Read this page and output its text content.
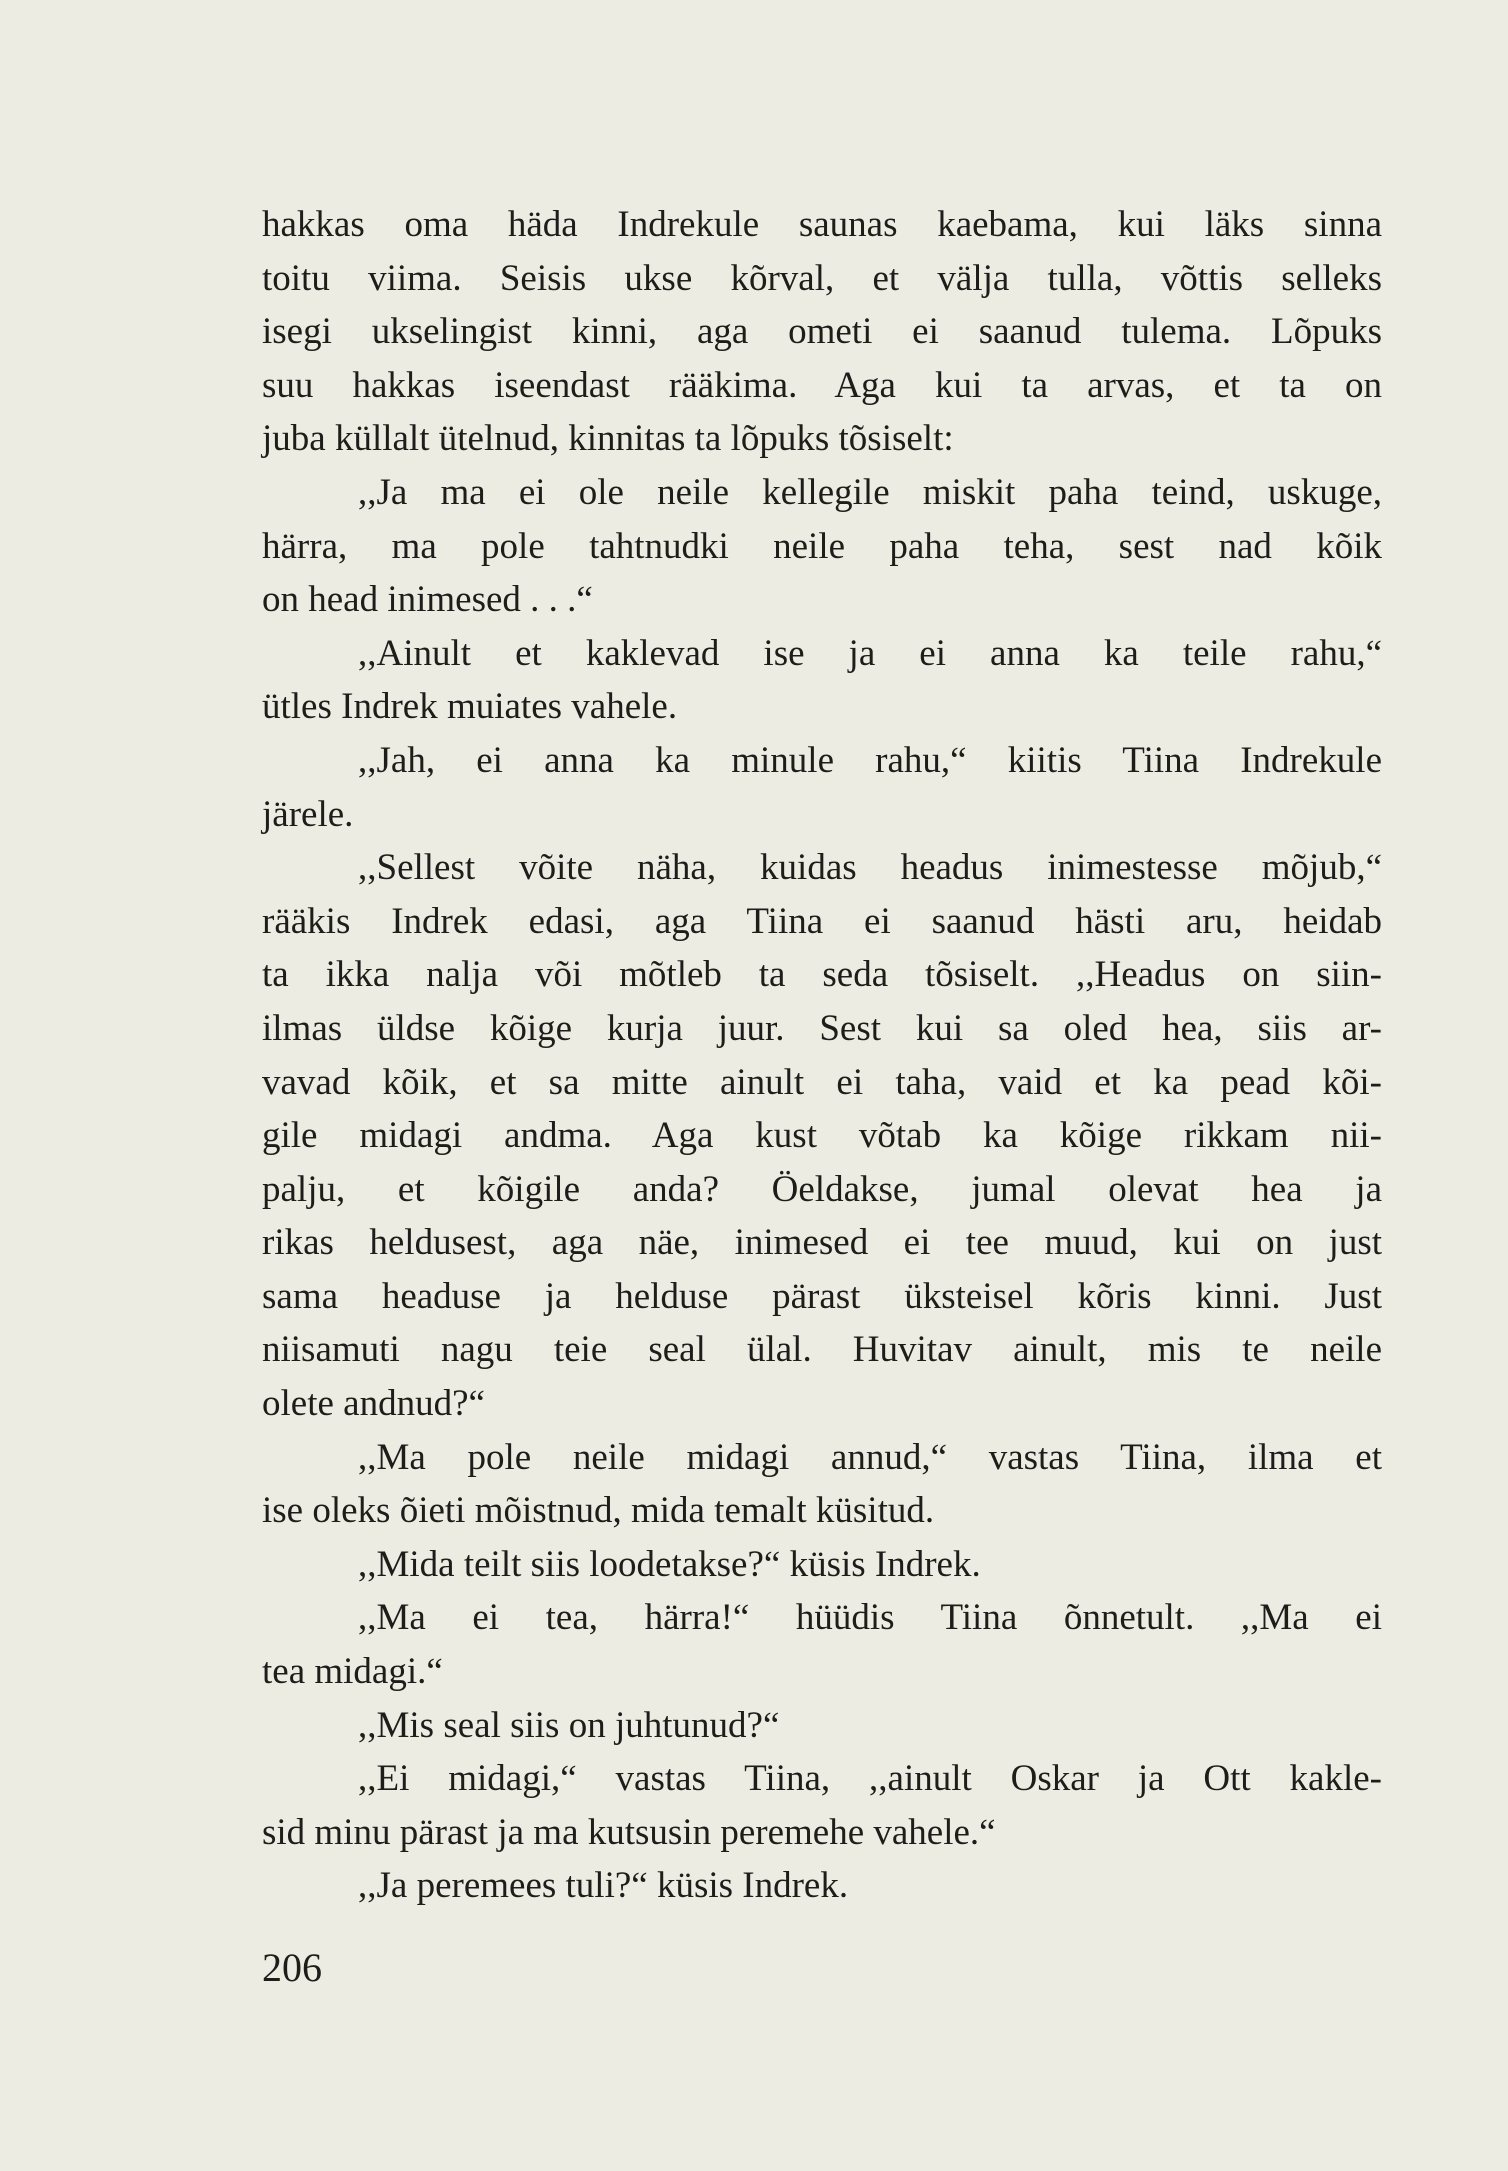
hakkas oma häda Indrekule saunas kaebama, kui läks sinna
toitu viima. Seisis ukse kõrval, et välja tulla, võttis selleks
isegi ukselingist kinni, aga ometi ei saanud tulema. Lõpuks
suu hakkas iseendast rääkima. Aga kui ta arvas, et ta on
juba küllalt ütelnud, kinnitas ta lõpuks tõsiselt:
,,Ja ma ei ole neile kellegile miskit paha teind, uskuge,
härra, ma pole tahtnudki neile paha teha, sest nad kõik
on head inimesed . . .“
,,Ainult et kaklevad ise ja ei anna ka teile rahu,“
ütles Indrek muiates vahele.
,,Jah, ei anna ka minule rahu,“ kiitis Tiina Indrekule
järele.
,,Sellest võite näha, kuidas headus inimestesse mõjub,“
rääkis Indrek edasi, aga Tiina ei saanud hästi aru, heidab
ta ikka nalja või mõtleb ta seda tõsiselt. ,,Headus on siin-
ilmas üldse kõige kurja juur. Sest kui sa oled hea, siis ar-
vavad kõik, et sa mitte ainult ei taha, vaid et ka pead kõi-
gile midagi andma. Aga kust võtab ka kõige rikkam nii-
palju, et kõigile anda? Öeldakse, jumal olevat hea ja
rikas heldusest, aga näe, inimesed ei tee muud, kui on just
sama headuse ja helduse pärast üksteisel kõris kinni. Just
niisamuti nagu teie seal ülal. Huvitav ainult, mis te neile
olete andnud?“
,,Ma pole neile midagi annud,“ vastas Tiina, ilma et
ise oleks õieti mõistnud, mida temalt küsitud.
,,Mida teilt siis loodetakse?“ küsis Indrek.
,,Ma ei tea, härra!“ hüüdis Tiina õnnetult. ,,Ma ei
tea midagi.“
,,Mis seal siis on juhtunud?“
,,Ei midagi,“ vastas Tiina, ,,ainult Oskar ja Ott kakle-
sid minu pärast ja ma kutsusin peremehe vahele.“
,,Ja peremees tuli?“ küsis Indrek.
206
